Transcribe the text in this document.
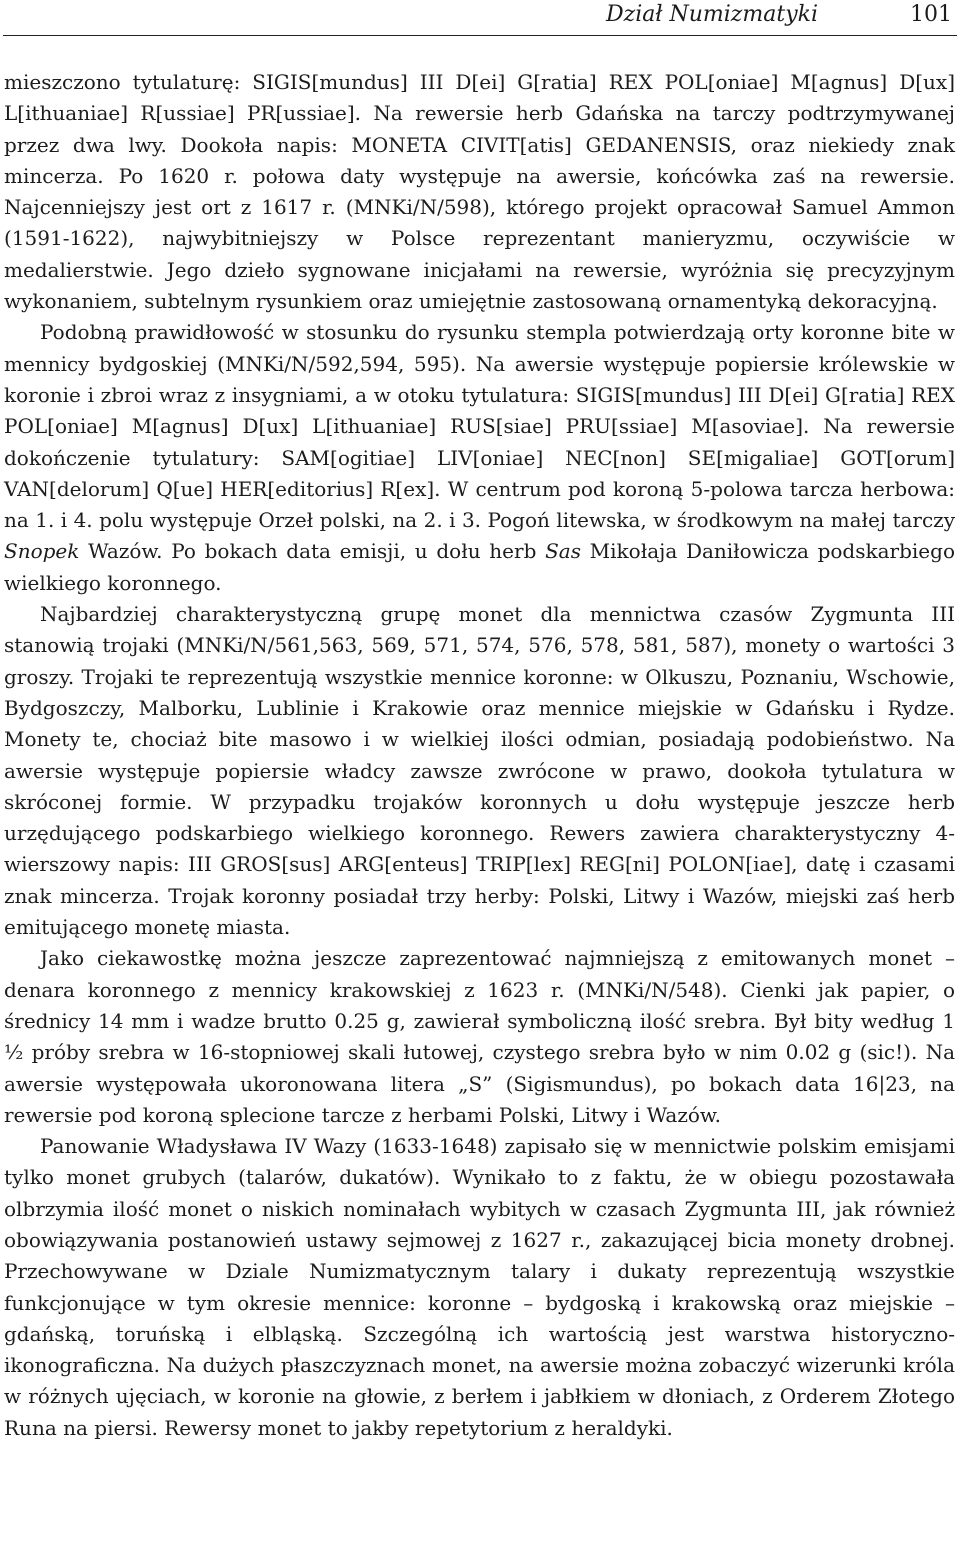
Dział Numizmatyki	101

mieszczono tytulaturę: SIGIS[mundus] III D[ei] G[ratia] REX POL[oniae] M[agnus] D[ux] L[ithuaniae] R[ussiae] PR[ussiae]. Na rewersie herb Gdańska na tarczy podtrzymywanej przez dwa lwy. Dookoła napis: MONETA CIVIT[atis] GEDANENSIS, oraz niekiedy znak mincerza. Po 1620 r. połowa daty występuje na awersie, końcówka zaś na rewersie. Najcenniejszy jest ort z 1617 r. (MNKi/N/598), którego projekt opracował Samuel Ammon (1591-1622), najwybitniejszy w Polsce reprezentant manieryzmu, oczywiście w medalierstwie. Jego dzieło sygnowane inicjałami na rewersie, wyróżnia się precyzyjnym wykonaniem, subtelnym rysunkiem oraz umiejętnie zastosowaną ornamentyką dekoracyjną.

Podobną prawidłowość w stosunku do rysunku stempla potwierdzają orty koronne bite w mennicy bydgoskiej (MNKi/N/592,594, 595). Na awersie występuje popiersie królewskie w koronie i zbroi wraz z insygniami, a w otoku tytulatura: SIGIS[mundus] III D[ei] G[ratia] REX POL[oniae] M[agnus] D[ux] L[ithuaniae] RUS[siae] PRU[ssiae] M[asoviae]. Na rewersie dokończenie tytulatury: SAM[ogitiae] LIV[oniae] NEC[non] SE[migaliae] GOT[orum] VAN[delorum] Q[ue] HER[editorius] R[ex]. W centrum pod koroną 5-polowa tarcza herbowa: na 1. i 4. polu występuje Orzeł polski, na 2. i 3. Pogoń litewska, w środkowym na małej tarczy Snopek Wazów. Po bokach data emisji, u dołu herb Sas Mikołaja Daniłowicza podskarbiego wielkiego koronnego.

Najbardziej charakterystyczną grupę monet dla mennictwa czasów Zygmunta III stanowią trojaki (MNKi/N/561,563, 569, 571, 574, 576, 578, 581, 587), monety o wartości 3 groszy. Trojaki te reprezentują wszystkie mennice koronne: w Olkuszu, Poznaniu, Wschowie, Bydgoszczy, Malborku, Lublinie i Krakowie oraz mennice miejskie w Gdańsku i Rydze. Monety te, chociaż bite masowo i w wielkiej ilości odmian, posiadają podobieństwo. Na awersie występuje popiersie władcy zawsze zwrócone w prawo, dookoła tytulatura w skróconej formie. W przypadku trojaków koronnych u dołu występuje jeszcze herb urzędującego podskarbiego wielkiego koronnego. Rewers zawiera charakterystyczny 4-wierszowy napis: III GROS[sus] ARG[enteus] TRIP[lex] REG[ni] POLON[iae], datę i czasami znak mincerza. Trojak koronny posiadał trzy herby: Polski, Litwy i Wazów, miejski zaś herb emitującego monetę miasta.

Jako ciekawostkę można jeszcze zaprezentować najmniejszą z emitowanych monet – denara koronnego z mennicy krakowskiej z 1623 r. (MNKi/N/548). Cienki jak papier, o średnicy 14 mm i wadze brutto 0.25 g, zawierał symboliczną ilość srebra. Był bity według 1 ½ próby srebra w 16-stopniowej skali łutowej, czystego srebra było w nim 0.02 g (sic!). Na awersie występowała ukoronowana litera „S” (Sigismundus), po bokach data 16|23, na rewersie pod koroną splecione tarcze z herbami Polski, Litwy i Wazów.

Panowanie Władysława IV Wazy (1633-1648) zapisało się w mennictwie polskim emisjami tylko monet grubych (talarów, dukatów). Wynikało to z faktu, że w obiegu pozostawała olbrzymia ilość monet o niskich nominałach wybitych w czasach Zygmunta III, jak również obowiązywania postanowień ustawy sejmowej z 1627 r., zakazującej bicia monety drobnej. Przechowywane w Dziale Numizmatycznym talary i dukaty reprezentują wszystkie funkcjonujące w tym okresie mennice: koronne – bydgoską i krakowską oraz miejskie – gdańską, toruńską i elbląską. Szczególną ich wartością jest warstwa historyczno-ikonograficzna. Na dużych płaszczyznach monet, na awersie można zobaczyć wizerunki króla w różnych ujęciach, w koronie na głowie, z berłem i jabłkiem w dłoniach, z Orderem Złotego Runa na piersi. Rewersy monet to jakby repetytorium z heraldyki.
